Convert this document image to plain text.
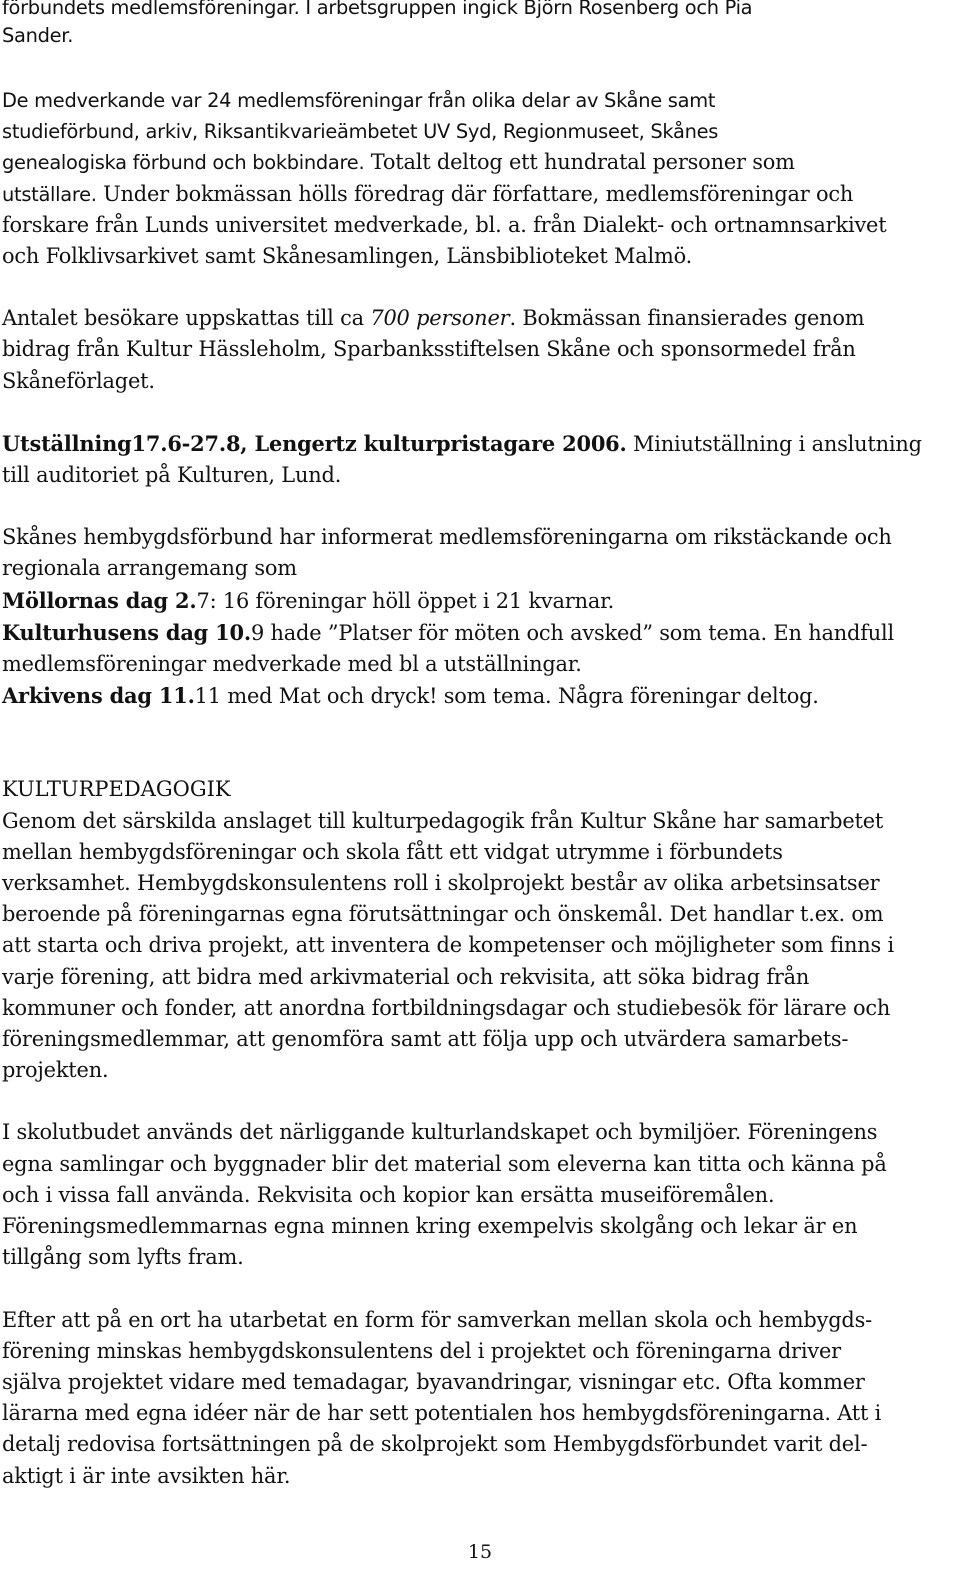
förbundets medlemsföreningar. I arbetsgruppen ingick Björn Rosenberg och Pia
Sander.

De medverkande var 24 medlemsföreningar från olika delar av Skåne samt
studieförbund, arkiv, Riksantikvarieämbetet UV Syd, Regionmuseet, Skånes
genealogiska förbund och bokbindare. Totalt deltog ett hundratal personer som
utställare. Under bokmässan hölls föredrag där författare, medlemsföreningar och
forskare från Lunds universitet medverkade, bl. a. från Dialekt- och ortnamnsarkivet
och Folklivsarkivet samt Skånesamlingen, Länsbiblioteket Malmö.

Antalet besökare uppskattas till ca 700 personer. Bokmässan finansierades genom
bidrag från Kultur Hässleholm, Sparbanksstiftelsen Skåne och sponsormedel från
Skåneförlaget.

Utställning17.6-27.8, Lengertz kulturpristagare 2006. Miniutställning i anslutning
till auditoriet på Kulturen, Lund.

Skånes hembygdsförbund har informerat medlemsföreningarna om rikstäckande och
regionala arrangemang som
Möllornas dag 2.7: 16 föreningar höll öppet i 21 kvarnar.
Kulturhusens dag 10.9 hade ”Platser för möten och avsked” som tema. En handfull
medlemsföreningar medverkade med bl a utställningar.
Arkivens dag 11.11 med Mat och dryck! som tema. Några föreningar deltog.

KULTURPEDAGOGIK

Genom det särskilda anslaget till kulturpedagogik från Kultur Skåne har samarbetet
mellan hembygdsföreningar och skola fått ett vidgat utrymme i förbundets
verksamhet. Hembygdskonsulentens roll i skolprojekt består av olika arbetsinsatser
beroende på föreningarnas egna förutsättningar och önskemål. Det handlar t.ex. om
att starta och driva projekt, att inventera de kompetenser och möjligheter som finns i
varje förening, att bidra med arkivmaterial och rekvisita, att söka bidrag från
kommuner och fonder, att anordna fortbildningsdagar och studiebesök för lärare och
föreningsmedlemmar, att genomföra samt att följa upp och utvärdera samarbets-
projekten.

I skolutbudet används det närliggande kulturlandskapet och bymiljöer. Föreningens
egna samlingar och byggnader blir det material som eleverna kan titta och känna på
och i vissa fall använda. Rekvisita och kopior kan ersätta museiföremålen.
Föreningsmedlemmarnas egna minnen kring exempelvis skolgång och lekar är en
tillgång som lyfts fram.

Efter att på en ort ha utarbetat en form för samverkan mellan skola och hembygds-
förening minskas hembygdskonsulentens del i projektet och föreningarna driver
själva projektet vidare med temadagar, byavandringar, visningar etc. Ofta kommer
lärarna med egna idéer när de har sett potentialen hos hembygdsföreningarna. Att i
detalj redovisa fortsättningen på de skolprojekt som Hembygdsförbundet varit del-
aktigt i är inte avsikten här.

15
